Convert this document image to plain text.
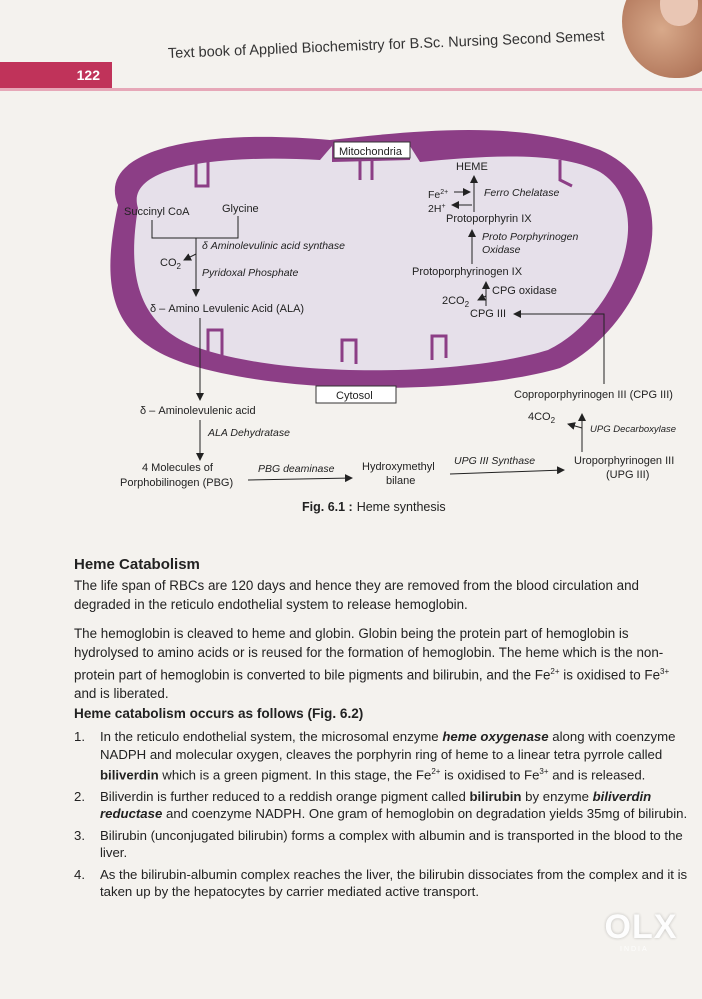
122
Text book of Applied Biochemistry for B.Sc. Nursing Second Semest
Mitochondria
Succinyl CoA	Glycine
$CO_2$
δ Aminolevulinic acid synthase
Pyridoxal Phosphate
δ – Amino Levulenic Acid (ALA)
HEME
$Fe^{2+}$
2H+
Ferro Chelatase
Protoporphyrin IX
Proto Porphyrinogen
Oxidase
Protoporphyrinogen IX
$2CO_2$
CPG oxidase
CPG III
Cytosol
δ – Aminolevulenic acid
ALA Dehydratase
4 Molecules of
Porphobilinogen (PBG)
PBG deaminase	Hydroxymethyl
bilane
UPG III Synthase	Uroporphyrinogen III
(UPG III)
$4CO_2$
UPG Decarboxylase
Coproporphyrinogen III (CPG III)
Fig. 6.1 : Heme synthesis
Heme Catabolism

The life span of RBCs are 120 days and hence they are removed from the blood circulation and degraded in the reticulo endothelial system to release hemoglobin.

The hemoglobin is cleaved to heme and globin. Globin being the protein part of hemoglobin is hydrolysed to amino acids or is reused for the formation of hemoglobin. The heme which is the non-protein part of hemoglobin is converted to bile pigments and bilirubin, and the $Fe^{2+}$ is oxidised to $Fe^{3+}$ and is liberated.

Heme catabolism occurs as follows (Fig. 6.2)
1. In the reticulo endothelial system, the microsomal enzyme heme oxygenase along with coenzyme NADPH and molecular oxygen, cleaves the porphyrin ring of heme to a linear tetra pyrrole called biliverdin which is a green pigment. In this stage, the $Fe^{2+}$ is oxidised to $Fe^{3+}$ and is released.
2. Biliverdin is further reduced to a reddish orange pigment called bilirubin by enzyme biliverdin reductase and coenzyme NADPH. One gram of hemoglobin on degradation yields 35mg of bilirubin.
3. Bilirubin (unconjugated bilirubin) forms a complex with albumin and is transported in the blood to the liver.
4. As the bilirubin-albumin complex reaches the liver, the bilirubin dissociates from the complex and it is taken up by the hepatocytes by carrier mediated active transport.
OLX
INDIA
